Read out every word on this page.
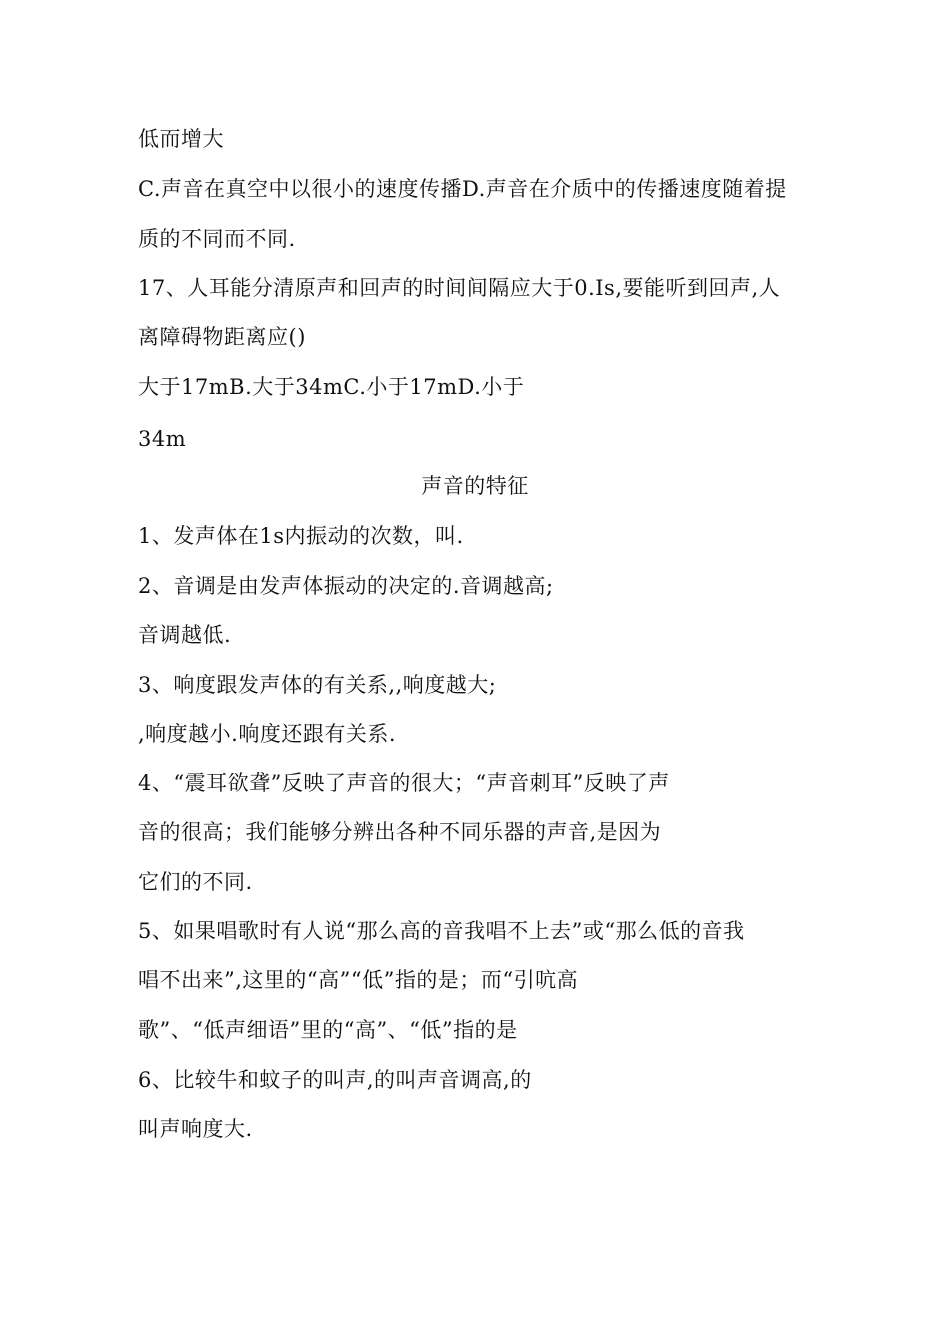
低而增大
C.声音在真空中以很小的速度传播D.声音在介质中的传播速度随着提
质的不同而不同.
17、人耳能分清原声和回声的时间间隔应大于0.Is,要能听到回声,人
离障碍物距离应()
大于17mB.大于34mC.小于17mD.小于
34m
声音的特征
1、发声体在1s内振动的次数，叫.
2、音调是由发声体振动的决定的.音调越高;
音调越低.
3、响度跟发声体的有关系,,响度越大;
,响度越小.响度还跟有关系.
4、“震耳欲聋”反映了声音的很大；“声音刺耳”反映了声
音的很高；我们能够分辨出各种不同乐器的声音,是因为
它们的不同.
5、如果唱歌时有人说“那么高的音我唱不上去”或“那么低的音我
唱不出来”,这里的“高”“低”指的是；而“引吭高
歌”、“低声细语”里的“高”、“低”指的是
6、比较牛和蚊子的叫声,的叫声音调高,的
叫声响度大.
